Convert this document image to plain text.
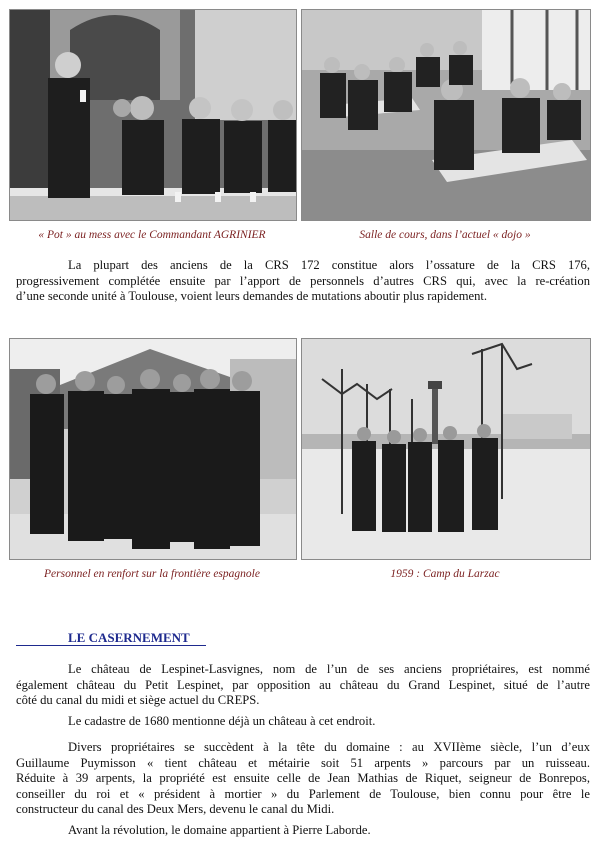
« Pot » au mess avec le Commandant AGRINIER	Salle de cours, dans l’actuel « dojo »
Personnel en renfort sur la frontière espagnole	1959 : Camp du Larzac

La plupart des anciens de la CRS 172 constitue alors l’ossature de la CRS 176,
progressivement complétée ensuite par l’apport de personnels d’autres CRS qui, avec la re-création
d’une seconde unité à Toulouse, voient leurs demandes de mutations aboutir plus rapidement.

LE CASERNEMENT

Le château de Lespinet-Lasvignes, nom de l’un de ses anciens propriétaires, est nommé
également château du Petit Lespinet, par opposition au château du Grand Lespinet, situé de l’autre
côté du canal du midi et siège actuel du CREPS.

Le cadastre de 1680 mentionne déjà un château à cet endroit.

Divers propriétaires se succèdent à la tête du domaine : au XVIIème siècle, l’un d’eux
Guillaume Puymisson « tient château et métairie soit 51 arpents » parcours par un ruisseau.
Réduite à 39 arpents, la propriété est ensuite celle de Jean Mathias de Riquet, seigneur de Bonrepos,
conseiller du roi et « président à mortier » du Parlement de Toulouse, bien connu pour être le
constructeur du canal des Deux Mers, devenu le canal du Midi.

Avant la révolution, le domaine appartient à Pierre Laborde.
